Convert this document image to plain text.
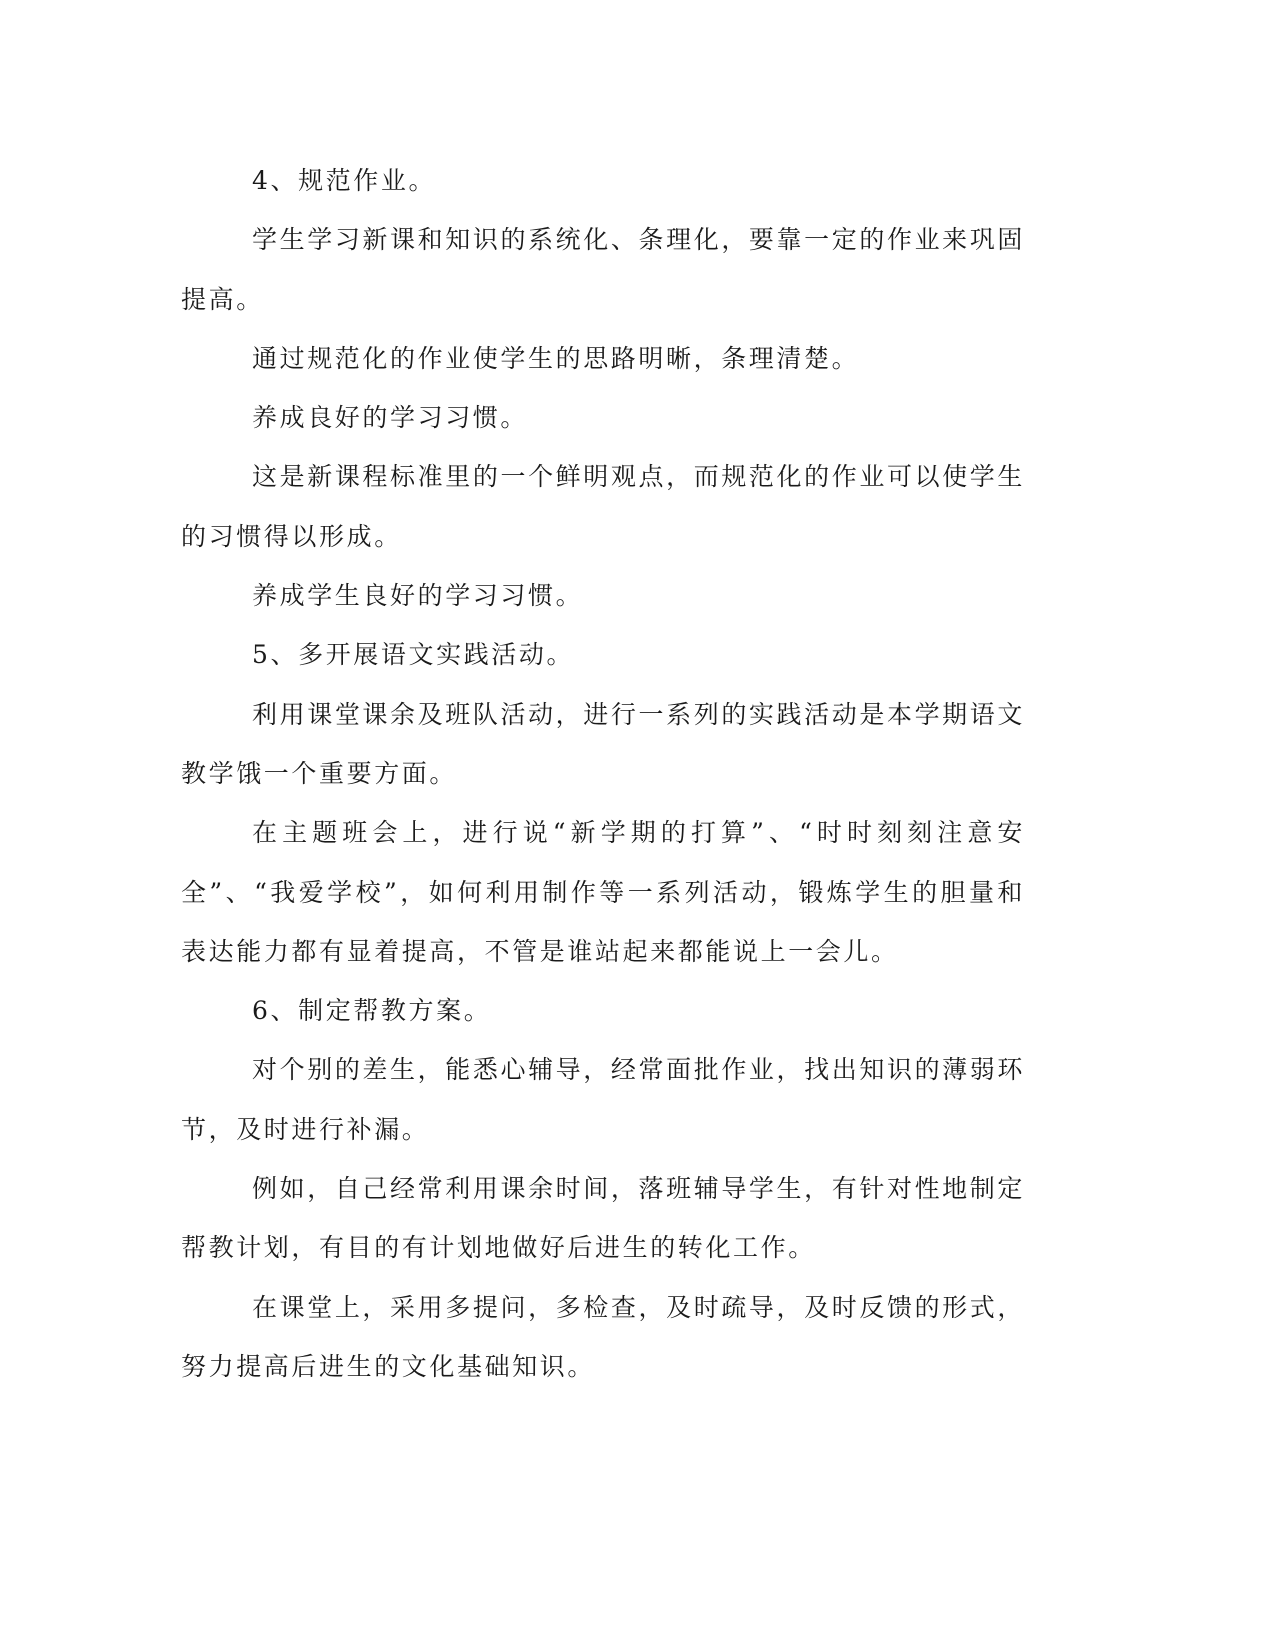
4、规范作业。

学生学习新课和知识的系统化、条理化，要靠一定的作业来巩固提高。

通过规范化的作业使学生的思路明晰，条理清楚。

养成良好的学习习惯。

这是新课程标准里的一个鲜明观点，而规范化的作业可以使学生的习惯得以形成。

养成学生良好的学习习惯。

5、多开展语文实践活动。

利用课堂课余及班队活动，进行一系列的实践活动是本学期语文教学饿一个重要方面。

在主题班会上，进行说“新学期的打算”、“时时刻刻注意安全”、“我爱学校”，如何利用制作等一系列活动，锻炼学生的胆量和表达能力都有显着提高，不管是谁站起来都能说上一会儿。

6、制定帮教方案。

对个别的差生，能悉心辅导，经常面批作业，找出知识的薄弱环节，及时进行补漏。

例如，自己经常利用课余时间，落班辅导学生，有针对性地制定帮教计划，有目的有计划地做好后进生的转化工作。

在课堂上，采用多提问，多检查，及时疏导，及时反馈的形式，努力提高后进生的文化基础知识。
